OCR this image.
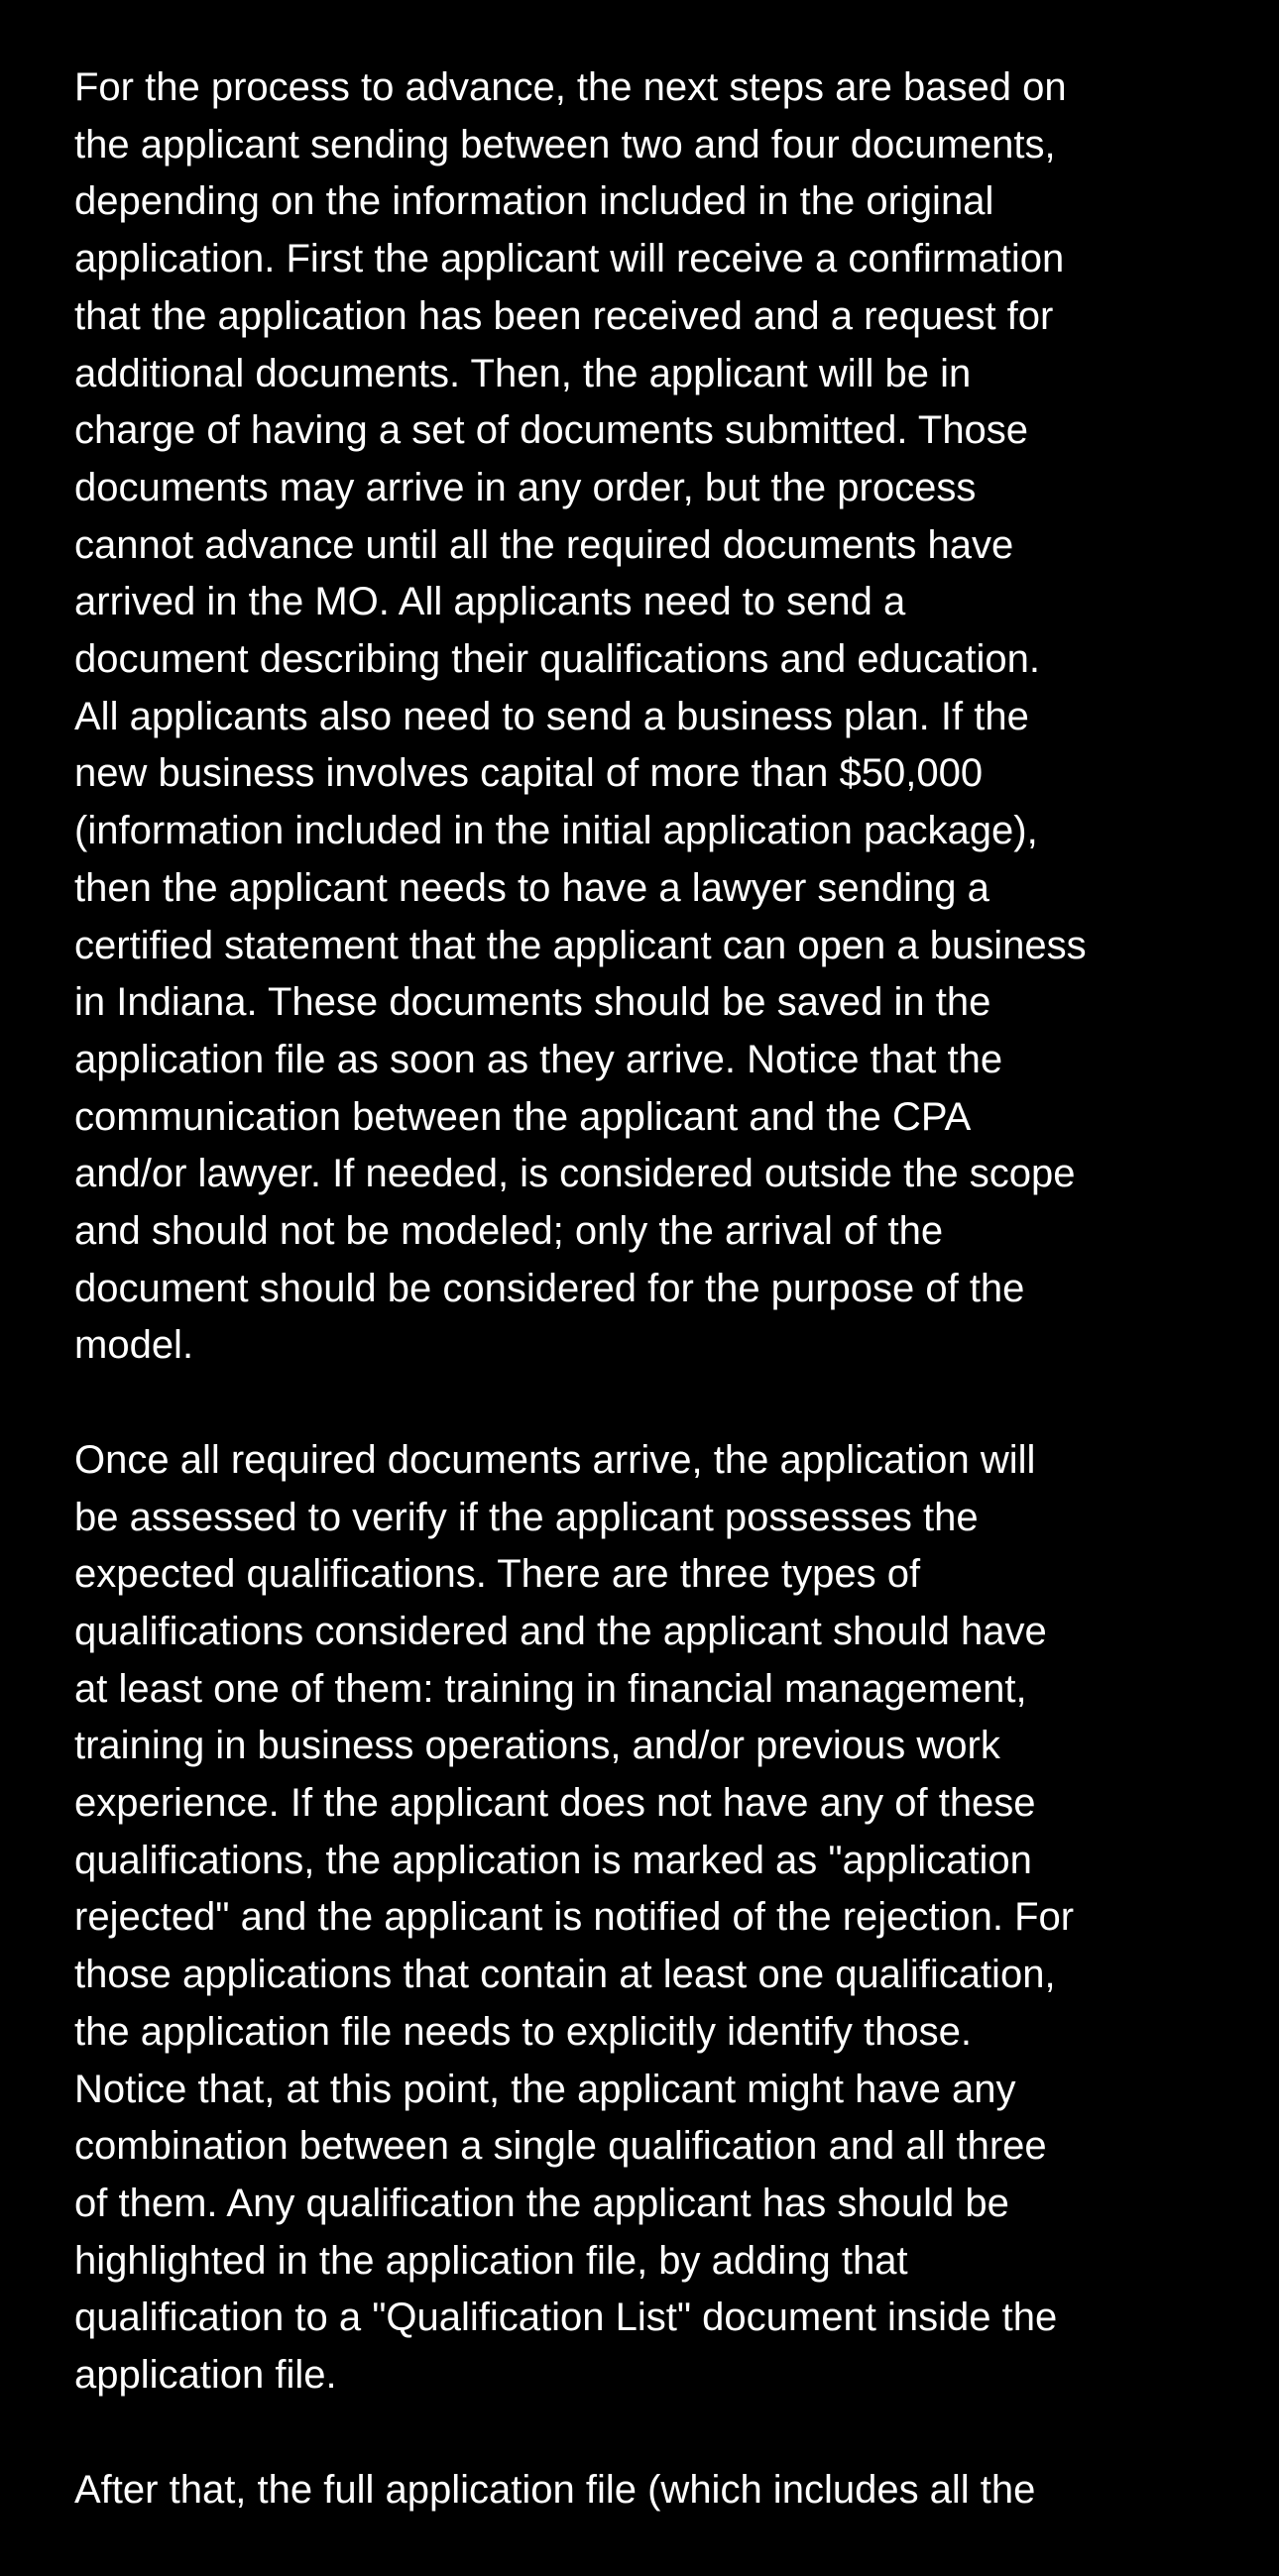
For the process to advance, the next steps are based on
the applicant sending between two and four documents,
depending on the information included in the original
application. First the applicant will receive a confirmation
that the application has been received and a request for
additional documents. Then, the applicant will be in
charge of having a set of documents submitted. Those
documents may arrive in any order, but the process
cannot advance until all the required documents have
arrived in the MO. All applicants need to send a
document describing their qualifications and education.
All applicants also need to send a business plan. If the
new business involves capital of more than $50,000
(information included in the initial application package),
then the applicant needs to have a lawyer sending a
certified statement that the applicant can open a business
in Indiana. These documents should be saved in the
application file as soon as they arrive. Notice that the
communication between the applicant and the CPA
and/or lawyer. If needed, is considered outside the scope
and should not be modeled; only the arrival of the
document should be considered for the purpose of the
model.
Once all required documents arrive, the application will
be assessed to verify if the applicant possesses the
expected qualifications. There are three types of
qualifications considered and the applicant should have
at least one of them: training in financial management,
training in business operations, and/or previous work
experience. If the applicant does not have any of these
qualifications, the application is marked as "application
rejected" and the applicant is notified of the rejection. For
those applications that contain at least one qualification,
the application file needs to explicitly identify those.
Notice that, at this point, the applicant might have any
combination between a single qualification and all three
of them. Any qualification the applicant has should be
highlighted in the application file, by adding that
qualification to a "Qualification List" document inside the
application file.
After that, the full application file (which includes all the
